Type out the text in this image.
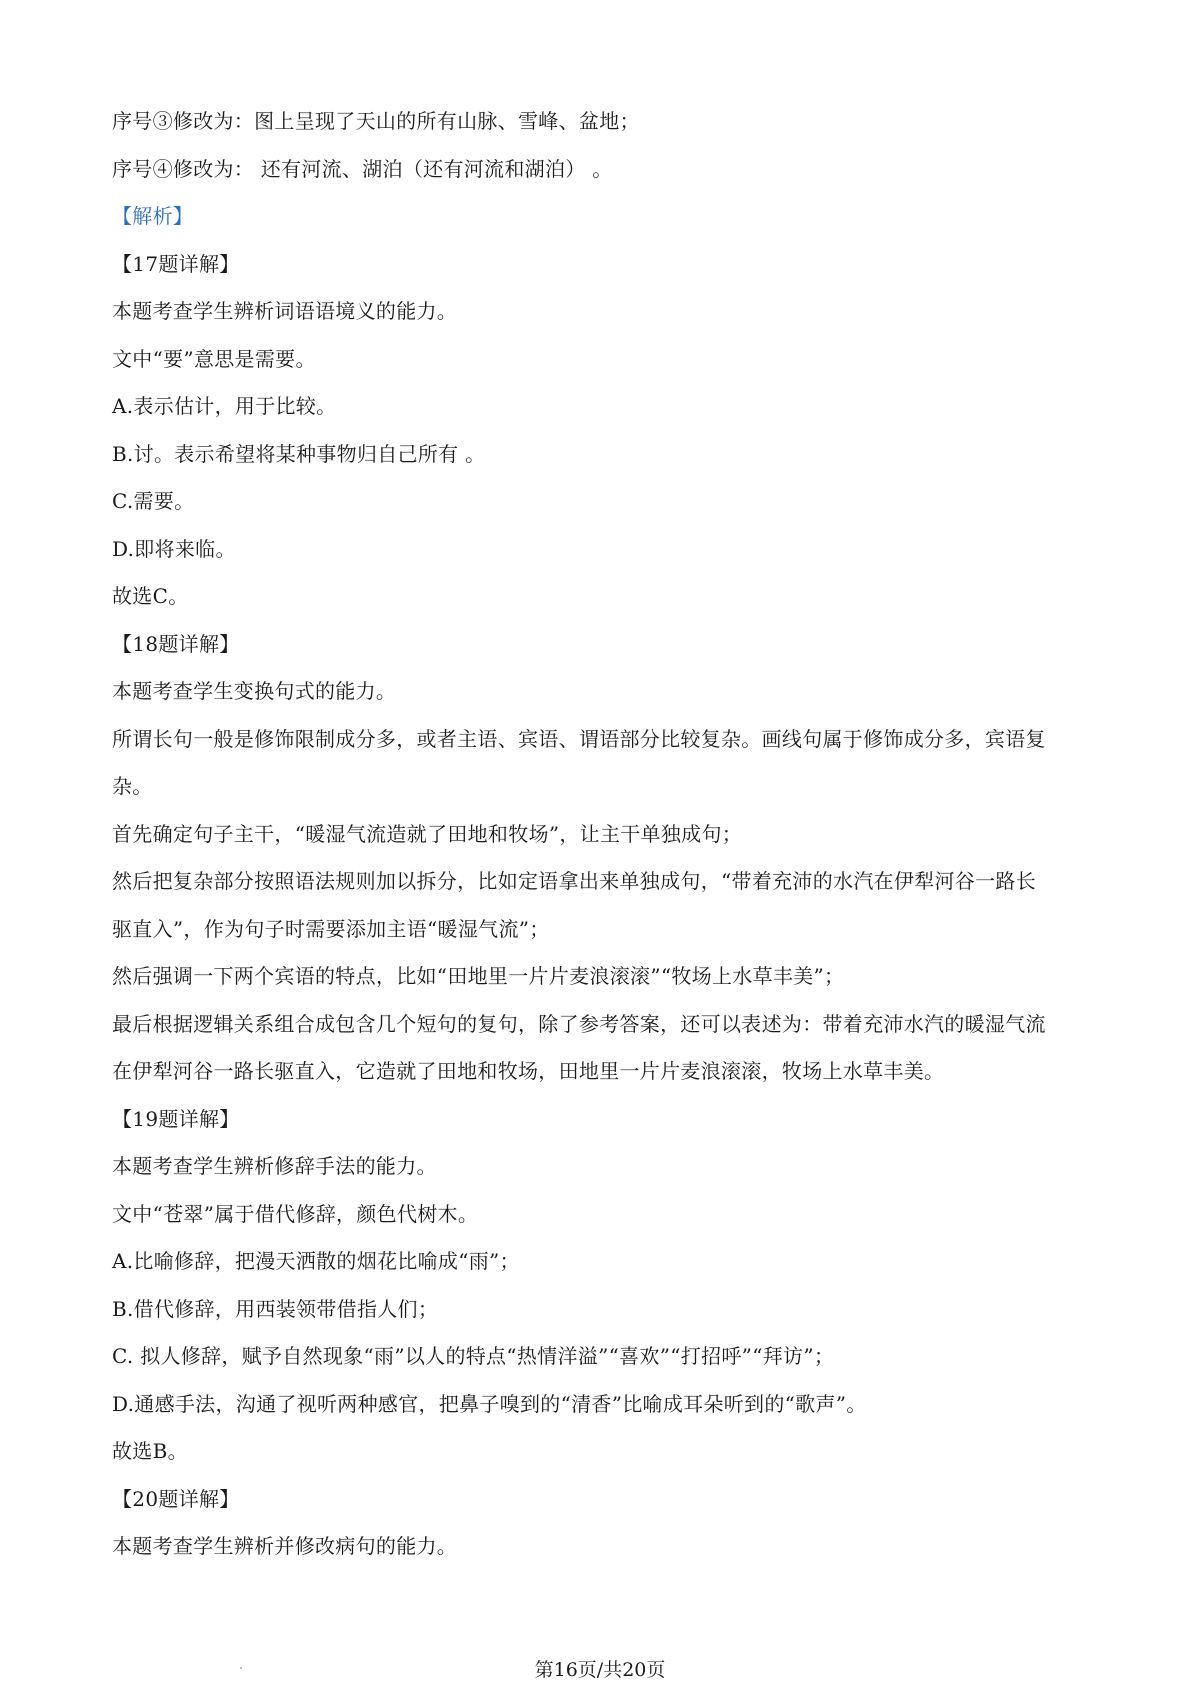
序号③修改为：图上呈现了天山的所有山脉、雪峰、盆地；
序号④修改为： 还有河流、湖泊（还有河流和湖泊） 。
【解析】
【17题详解】
本题考查学生辨析词语语境义的能力。
文中“要”意思是需要。
A.表示估计，用于比较。
B.讨。表示希望将某种事物归自己所有 。
C.需要。
D.即将来临。
故选C。
【18题详解】
本题考查学生变换句式的能力。
所谓长句一般是修饰限制成分多，或者主语、宾语、谓语部分比较复杂。画线句属于修饰成分多，宾语复
杂。
首先确定句子主干，“暖湿气流造就了田地和牧场”，让主干单独成句；
然后把复杂部分按照语法规则加以拆分，比如定语拿出来单独成句，“带着充沛的水汽在伊犁河谷一路长
驱直入”，作为句子时需要添加主语“暖湿气流”；
然后强调一下两个宾语的特点，比如“田地里一片片麦浪滚滚”“牧场上水草丰美”；
最后根据逻辑关系组合成包含几个短句的复句，除了参考答案，还可以表述为：带着充沛水汽的暖湿气流
在伊犁河谷一路长驱直入，它造就了田地和牧场，田地里一片片麦浪滚滚，牧场上水草丰美。
【19题详解】
本题考查学生辨析修辞手法的能力。
文中“苍翠”属于借代修辞，颜色代树木。
A.比喻修辞，把漫天洒散的烟花比喻成“雨”；
B.借代修辞，用西装领带借指人们；
C. 拟人修辞，赋予自然现象“雨”以人的特点“热情洋溢”“喜欢”“打招呼”“拜访”；
D.通感手法，沟通了视听两种感官，把鼻子嗅到的“清香”比喻成耳朵听到的“歌声”。
故选B。
【20题详解】
本题考查学生辨析并修改病句的能力。
第16页/共20页
